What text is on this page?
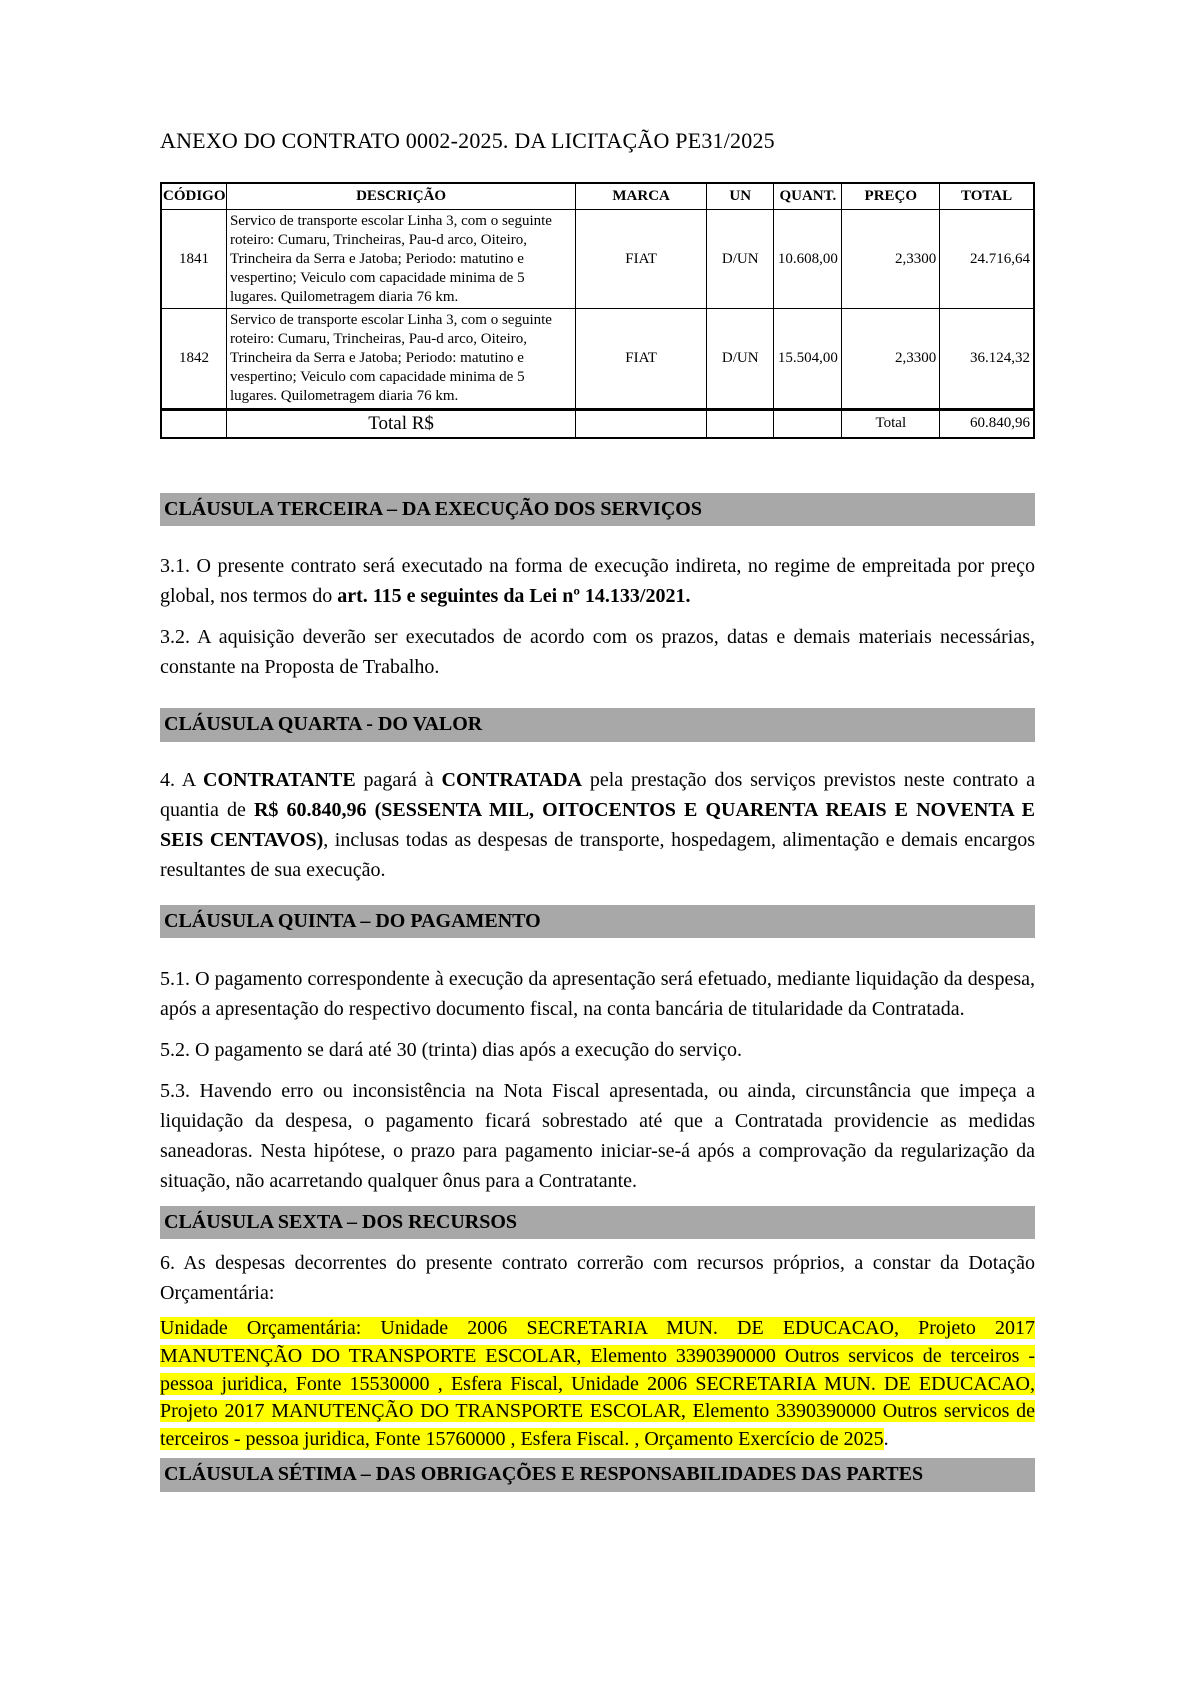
ANEXO DO CONTRATO 0002-2025. DA LICITAÇÃO PE31/2025
CÓDIGO	DESCRIÇÃO	MARCA	UN	QUANT.	PREÇO	TOTAL
1841	Servico de transporte escolar Linha 3, com o seguinte roteiro: Cumaru, Trincheiras, Pau-d arco, Oiteiro, Trincheira da Serra e Jatoba; Periodo: matutino e vespertino; Veiculo com capacidade minima de 5 lugares. Quilometragem diaria 76 km.	FIAT	D/UN	10.608,00	2,3300	24.716,64
1842	Servico de transporte escolar Linha 3, com o seguinte roteiro: Cumaru, Trincheiras, Pau-d arco, Oiteiro, Trincheira da Serra e Jatoba; Periodo: matutino e vespertino; Veiculo com capacidade minima de 5 lugares. Quilometragem diaria 76 km.	FIAT	D/UN	15.504,00	2,3300	36.124,32
	Total R$				Total	60.840,96
CLÁUSULA TERCEIRA – DA EXECUÇÃO DOS SERVIÇOS

3.1. O presente contrato será executado na forma de execução indireta, no regime de empreitada por preço global, nos termos do art. 115 e seguintes da Lei nº 14.133/2021.

3.2. A aquisição deverão ser executados de acordo com os prazos, datas e demais materiais necessárias, constante na Proposta de Trabalho.

CLÁUSULA QUARTA - DO VALOR

4. A CONTRATANTE pagará à CONTRATADA pela prestação dos serviços previstos neste contrato a quantia de R$ 60.840,96 (SESSENTA MIL, OITOCENTOS E QUARENTA REAIS E NOVENTA E SEIS CENTAVOS), inclusas todas as despesas de transporte, hospedagem, alimentação e demais encargos resultantes de sua execução.

CLÁUSULA QUINTA – DO PAGAMENTO

5.1. O pagamento correspondente à execução da apresentação será efetuado, mediante liquidação da despesa, após a apresentação do respectivo documento fiscal, na conta bancária de titularidade da Contratada.

5.2. O pagamento se dará até 30 (trinta) dias após a execução do serviço.

5.3. Havendo erro ou inconsistência na Nota Fiscal apresentada, ou ainda, circunstância que impeça a liquidação da despesa, o pagamento ficará sobrestado até que a Contratada providencie as medidas saneadoras. Nesta hipótese, o prazo para pagamento iniciar-se-á após a comprovação da regularização da situação, não acarretando qualquer ônus para a Contratante.

CLÁUSULA SEXTA – DOS RECURSOS

6. As despesas decorrentes do presente contrato correrão com recursos próprios, a constar da Dotação Orçamentária:

Unidade Orçamentária: Unidade 2006 SECRETARIA MUN. DE EDUCACAO, Projeto 2017 MANUTENÇÃO DO TRANSPORTE ESCOLAR, Elemento 3390390000 Outros servicos de terceiros - pessoa juridica, Fonte 15530000 , Esfera Fiscal, Unidade 2006 SECRETARIA MUN. DE EDUCACAO, Projeto 2017 MANUTENÇÃO DO TRANSPORTE ESCOLAR, Elemento 3390390000 Outros servicos de terceiros - pessoa juridica, Fonte 15760000 , Esfera Fiscal. , Orçamento Exercício de 2025.

CLÁUSULA SÉTIMA – DAS OBRIGAÇÕES E RESPONSABILIDADES DAS PARTES
